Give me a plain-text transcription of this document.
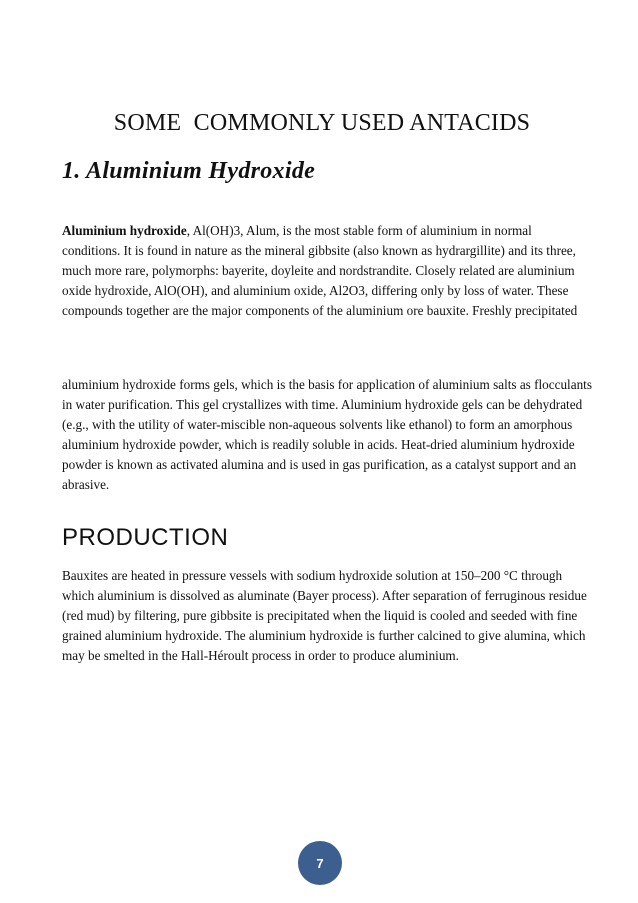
SOME  COMMONLY USED ANTACIDS
1. Aluminium Hydroxide

Aluminium hydroxide, Al(OH)3, Alum, is the most stable form of aluminium in normal conditions. It is found in nature as the mineral gibbsite (also known as hydrargillite) and its three, much more rare, polymorphs: bayerite, doyleite and nordstrandite. Closely related are aluminium oxide hydroxide, AlO(OH), and aluminium oxide, Al2O3, differing only by loss of water. These compounds together are the major components of the aluminium ore bauxite. Freshly precipitated

aluminium hydroxide forms gels, which is the basis for application of aluminium salts as flocculants in water purification. This gel crystallizes with time. Aluminium hydroxide gels can be dehydrated (e.g., with the utility of water-miscible non-aqueous solvents like ethanol) to form an amorphous aluminium hydroxide powder, which is readily soluble in acids. Heat-dried aluminium hydroxide powder is known as activated alumina and is used in gas purification, as a catalyst support and an abrasive.

PRODUCTION

Bauxites are heated in pressure vessels with sodium hydroxide solution at 150–200 °C through which aluminium is dissolved as aluminate (Bayer process). After separation of ferruginous residue (red mud) by filtering, pure gibbsite is precipitated when the liquid is cooled and seeded with fine grained aluminium hydroxide. The aluminium hydroxide is further calcined to give alumina, which may be smelted in the Hall-Héroult process in order to produce aluminium.

7
